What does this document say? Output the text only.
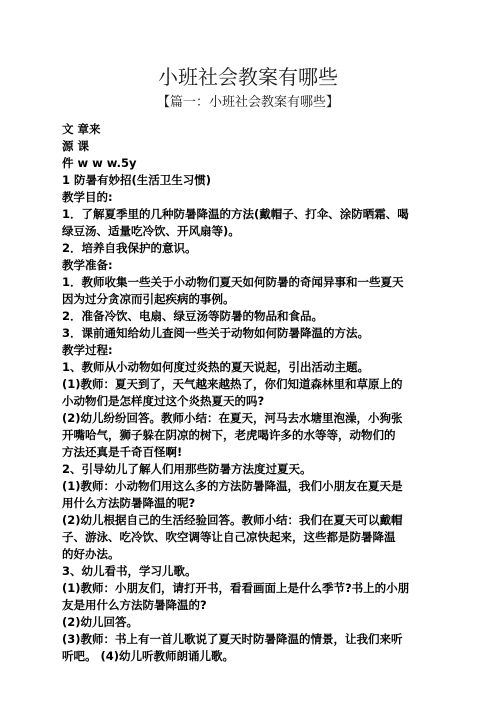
小班社会教案有哪些
【篇一：小班社会教案有哪些】
文 章来
源 课
件 w w w.5y
1 防暑有妙招(生活卫生习惯)
教学目的:
1．了解夏季里的几种防暑降温的方法(戴帽子、打伞、涂防晒霜、喝
绿豆汤、适量吃冷饮、开风扇等)。
2．培养自我保护的意识。
教学准备:
1．教师收集一些关于小动物们夏天如何防暑的奇闻异事和一些夏天
因为过分贪凉而引起疾病的事例。
2．准备冷饮、电扇、绿豆汤等防暑的物品和食品。
3．课前通知给幼儿查阅一些关于动物如何防暑降温的方法。
教学过程:
1、教师从小动物如何度过炎热的夏天说起，引出活动主题。
(1)教师：夏天到了，天气越来越热了，你们知道森林里和草原上的
小动物们是怎样度过这个炎热夏天的吗?
(2)幼儿纷纷回答。教师小结：在夏天，河马去水塘里泡澡，小狗张
开嘴哈气，狮子躲在阴凉的树下，老虎喝许多的水等等，动物们的
方法还真是千奇百怪啊!
2、引导幼儿了解人们用那些防暑方法度过夏天。
(1)教师：小动物们用这么多的方法防暑降温，我们小朋友在夏天是
用什么方法防暑降温的呢?
(2)幼儿根据自己的生活经验回答。教师小结：我们在夏天可以戴帽
子、游泳、吃冷饮、吹空调等让自己凉快起来，这些都是防暑降温
的好办法。
3、幼儿看书，学习儿歌。
(1)教师：小朋友们，请打开书，看看画面上是什么季节?书上的小朋
友是用什么方法防暑降温的?
(2)幼儿回答。
(3)教师：书上有一首儿歌说了夏天时防暑降温的情景，让我们来听
听吧。 (4)幼儿听教师朗诵儿歌。
